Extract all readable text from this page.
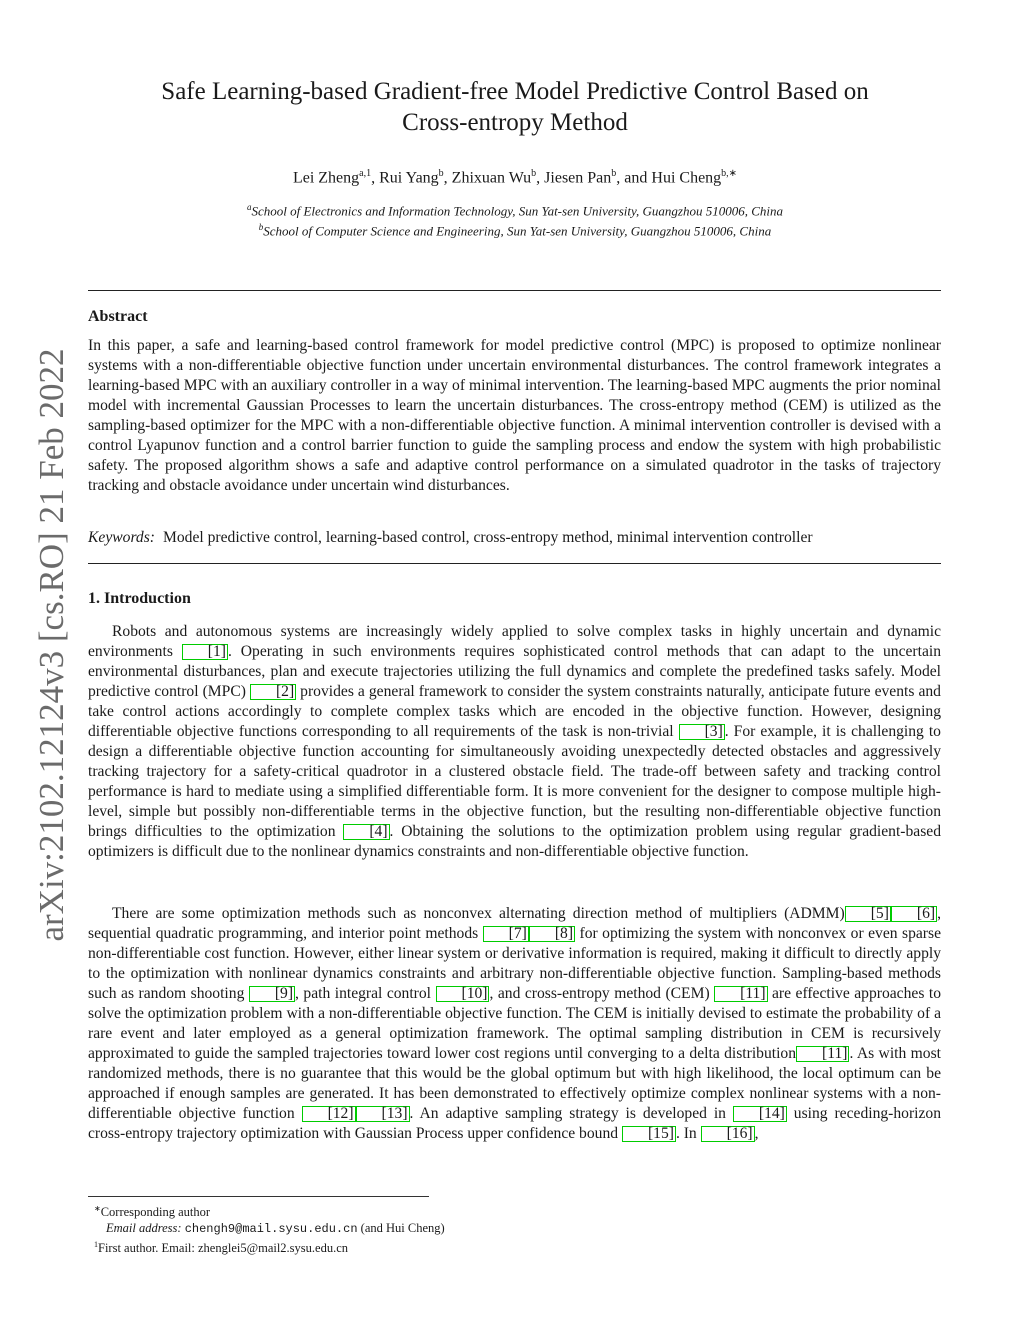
arXiv:2102.12124v3 [cs.RO] 21 Feb 2022
Safe Learning-based Gradient-free Model Predictive Control Based on
Cross-entropy Method
Lei Zheng$^{a,1}$, Rui Yang$^b$, Zhixuan Wu$^b$, Jiesen Pan$^b$, and Hui Cheng$^{b,∗}$
$^a$School of Electronics and Information Technology, Sun Yat-sen University, Guangzhou 510006, China
$^b$School of Computer Science and Engineering, Sun Yat-sen University, Guangzhou 510006, China
Abstract
In this paper, a safe and learning-based control framework for model predictive control (MPC) is proposed to optimize nonlinear systems with a non-differentiable objective function under uncertain environmental disturbances. The control framework integrates a learning-based MPC with an auxiliary controller in a way of minimal intervention. The learning-based MPC augments the prior nominal model with incremental Gaussian Processes to learn the uncertain disturbances. The cross-entropy method (CEM) is utilized as the sampling-based optimizer for the MPC with a non-differentiable objective function. A minimal intervention controller is devised with a control Lyapunov function and a control barrier function to guide the sampling process and endow the system with high probabilistic safety. The proposed algorithm shows a safe and adaptive control performance on a simulated quadrotor in the tasks of trajectory tracking and obstacle avoidance under uncertain wind disturbances.
Keywords: Model predictive control, learning-based control, cross-entropy method, minimal intervention controller
1. Introduction
Robots and autonomous systems are increasingly widely applied to solve complex tasks in highly uncertain and dynamic environments [1] . Operating in such environments requires sophisticated control methods that can adapt to the uncertain environmental disturbances, plan and execute trajectories utilizing the full dynamics and complete the predefined tasks safely. Model predictive control (MPC) [2] provides a general framework to consider the system constraints naturally, anticipate future events and take control actions accordingly to complete complex tasks which are encoded in the objective function. However, designing differentiable objective functions corresponding to all requirements of the task is non-trivial [3] . For example, it is challenging to design a differentiable objective function accounting for simultaneously avoiding unexpectedly detected obstacles and aggressively tracking trajectory for a safety-critical quadrotor in a clustered obstacle field. The trade-off between safety and tracking control performance is hard to mediate using a simplified differentiable form. It is more convenient for the designer to compose multiple high-level, simple but possibly non-differentiable terms in the objective function, but the resulting non-differentiable objective function brings difficulties to the optimization [4] . Obtaining the solutions to the optimization problem using regular gradient-based optimizers is difficult due to the nonlinear dynamics constraints and non-differentiable objective function.
There are some optimization methods such as nonconvex alternating direction method of multipliers (ADMM) [5] [6] , sequential quadratic programming, and interior point methods [7] [8] for optimizing the system with nonconvex or even sparse non-differentiable cost function. However, either linear system or derivative information is required, making it difficult to directly apply to the optimization with nonlinear dynamics constraints and arbitrary non-differentiable objective function. Sampling-based methods such as random shooting [9] , path integral control [10] , and cross-entropy method (CEM) [11] are effective approaches to solve the optimization problem with a non-differentiable objective function. The CEM is initially devised to estimate the probability of a rare event and later employed as a general optimization framework. The optimal sampling distribution in CEM is recursively approximated to guide the sampled trajectories toward lower cost regions until converging to a delta distribution [11] . As with most randomized methods, there is no guarantee that this would be the global optimum but with high likelihood, the local optimum can be approached if enough samples are generated. It has been demonstrated to effectively optimize complex nonlinear systems with a non-differentiable objective function [12] [13] . An adaptive sampling strategy is developed in [14] using receding-horizon cross-entropy trajectory optimization with Gaussian Process upper confidence bound [15] . In [16] ,
∗Corresponding author
Email address: chengh9@mail.sysu.edu.cn (and Hui Cheng)
$^1$First author. Email: zhenglei5@mail2.sysu.edu.cn
